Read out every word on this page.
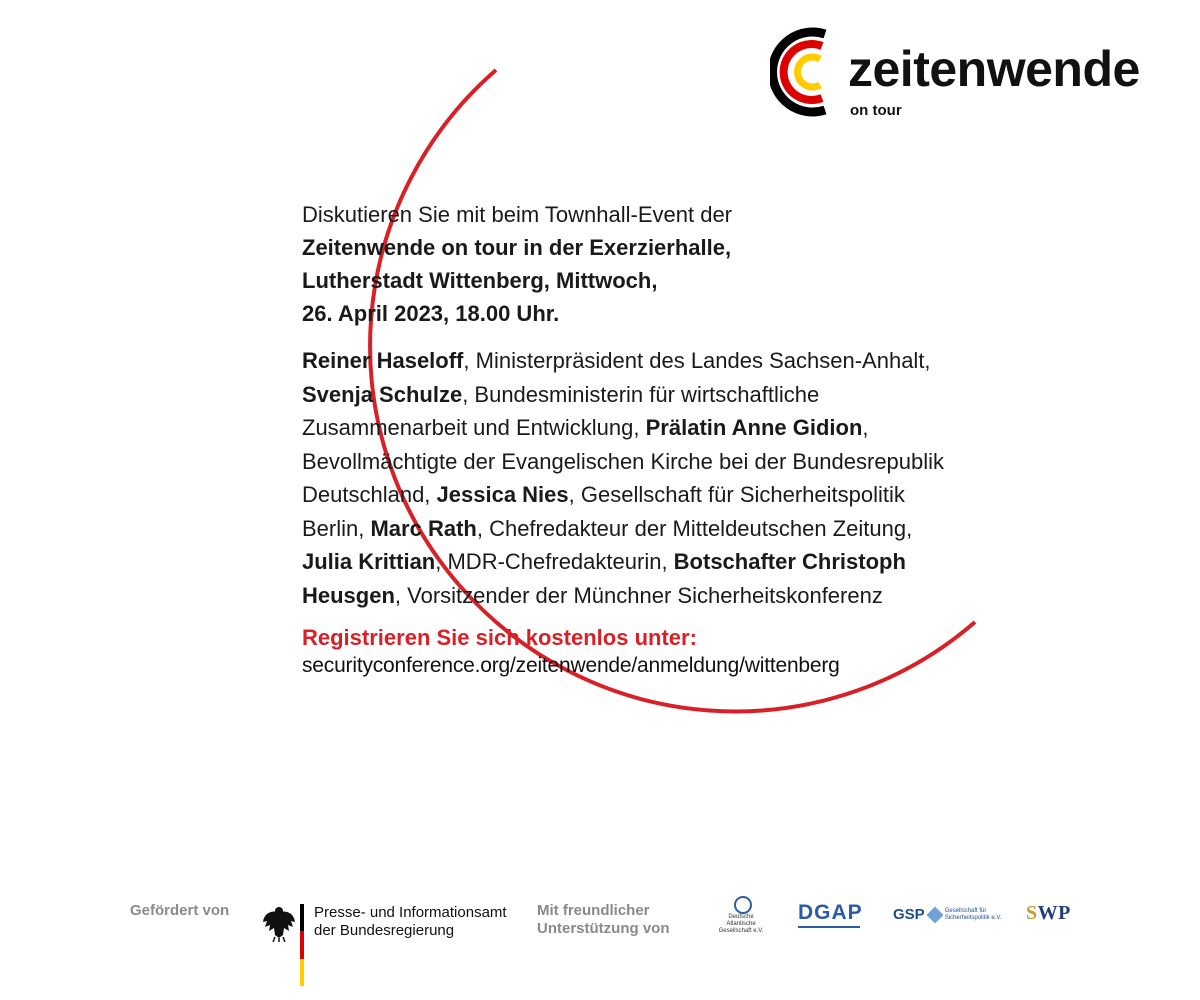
zeitenwende
on tour

Diskutieren Sie mit beim Townhall-Event der
Zeitenwende on tour in der Exerzierhalle,
Lutherstadt Wittenberg, Mittwoch,
26. April 2023, 18.00 Uhr.

Reiner Haseloff, Ministerpräsident des Landes Sachsen-Anhalt, Svenja Schulze, Bundesministerin für wirtschaftliche Zusammenarbeit und Entwicklung, Prälatin Anne Gidion, Bevollmächtigte der Evangelischen Kirche bei der Bundesrepublik Deutschland, Jessica Nies, Gesellschaft für Sicherheitspolitik Berlin, Marc Rath, Chefredakteur der Mitteldeutschen Zeitung, Julia Krittian, MDR-Chefredakteurin, Botschafter Christoph Heusgen, Vorsitzender der Münchner Sicherheitskonferenz

Registrieren Sie sich kostenlos unter:

securityconference.org/zeitenwende/anmeldung/wittenberg

Gefördert von	Presse- und Informationsamt
der Bundesregierung
Mit freundlicher
Unterstützung von
Deutsche Atlantische Gesellschaft e.V.
DGAP GSP	Gesellschaft für Sicherheitspolitik e.V.	SWP
